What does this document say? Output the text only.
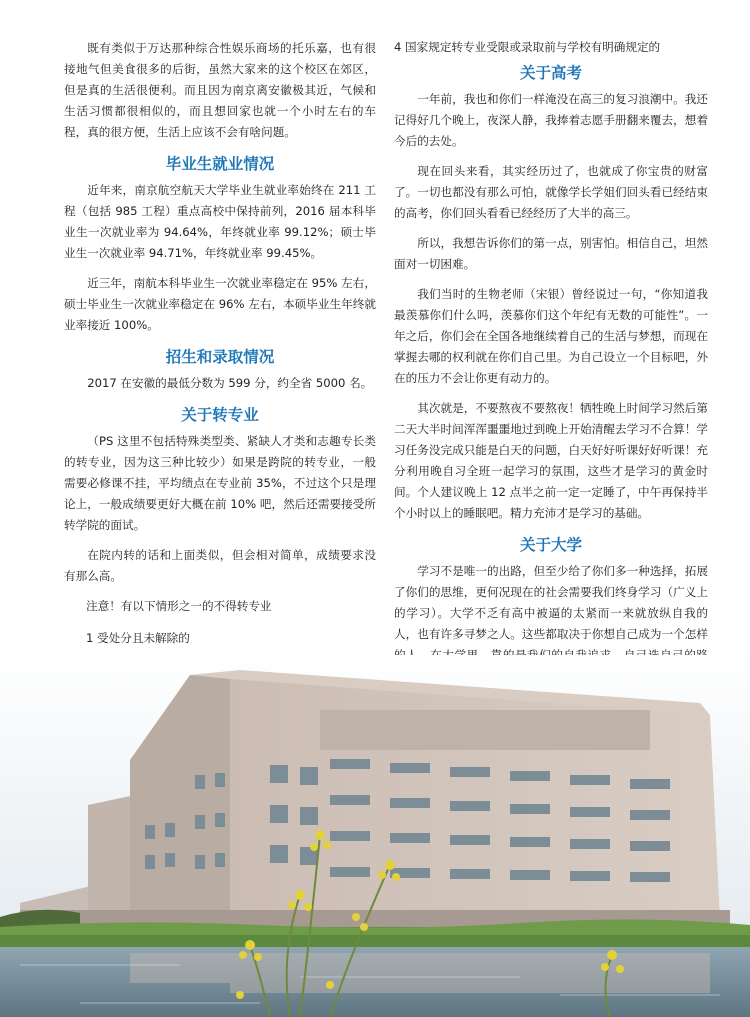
既有类似于万达那种综合性娱乐商场的托乐嘉，也有很接地气但美食很多的后街，虽然大家来的这个校区在郊区，但是真的生活很便利。而且因为南京离安徽极其近，气候和生活习惯都很相似的，而且想回家也就一个小时左右的车程，真的很方便，生活上应该不会有啥问题。

毕业生就业情况

近年来，南京航空航天大学毕业生就业率始终在 211 工程（包括 985 工程）重点高校中保持前列，2016 届本科毕业生一次就业率为 94.64%，年终就业率 99.12%；硕士毕业生一次就业率 94.71%，年终就业率 99.45%。

近三年，南航本科毕业生一次就业率稳定在 95% 左右，硕士毕业生一次就业率稳定在 96% 左右，本硕毕业生年终就业率接近 100%。

招生和录取情况

2017 在安徽的最低分数为 599 分，约全省 5000 名。

关于转专业

（PS 这里不包括特殊类型类、紧缺人才类和志趣专长类的转专业，因为这三种比较少）如果是跨院的转专业，一般需要必修课不挂，平均绩点在专业前 35%，不过这个只是理论上，一般成绩要更好大概在前 10% 吧，然后还需要接受所转学院的面试。

在院内转的话和上面类似，但会相对简单，成绩要求没有那么高。

注意！有以下情形之一的不得转专业

1 受处分且未解除的

4 国家规定转专业受限或录取前与学校有明确规定的

关于高考

一年前，我也和你们一样淹没在高三的复习浪潮中。我还记得好几个晚上，夜深人静，我捧着志愿手册翻来覆去，想着今后的去处。

现在回头来看，其实经历过了，也就成了你宝贵的财富了。一切也都没有那么可怕，就像学长学姐们回头看已经结束的高考，你们回头看看已经经历了大半的高三。

所以，我想告诉你们的第一点，别害怕。相信自己，坦然面对一切困难。

我们当时的生物老师（宋银）曾经说过一句，“你知道我最羡慕你们什么吗，羡慕你们这个年纪有无数的可能性”。一年之后，你们会在全国各地继续着自己的生活与梦想，而现在掌握去哪的权利就在你们自己里。为自己设立一个目标吧，外在的压力不会让你更有动力的。

其次就是，不要熬夜不要熬夜！牺牲晚上时间学习然后第二天大半时间浑浑噩噩地过到晚上开始清醒去学习不合算！学习任务没完成只能是白天的问题，白天好好听课好好听课！充分利用晚自习全班一起学习的氛围，这些才是学习的黄金时间。个人建议晚上 12 点半之前一定一定睡了，中午再保持半个小时以上的睡眠吧。精力充沛才是学习的基础。

关于大学

学习不是唯一的出路，但至少给了你们多一种选择，拓展了你们的思维，更何况现在的社会需要我们终身学习（广义上的学习）。大学不乏有高中被逼的太紧而一来就放纵自我的人，也有许多寻梦之人。这些都取决于你想自己成为一个怎样
